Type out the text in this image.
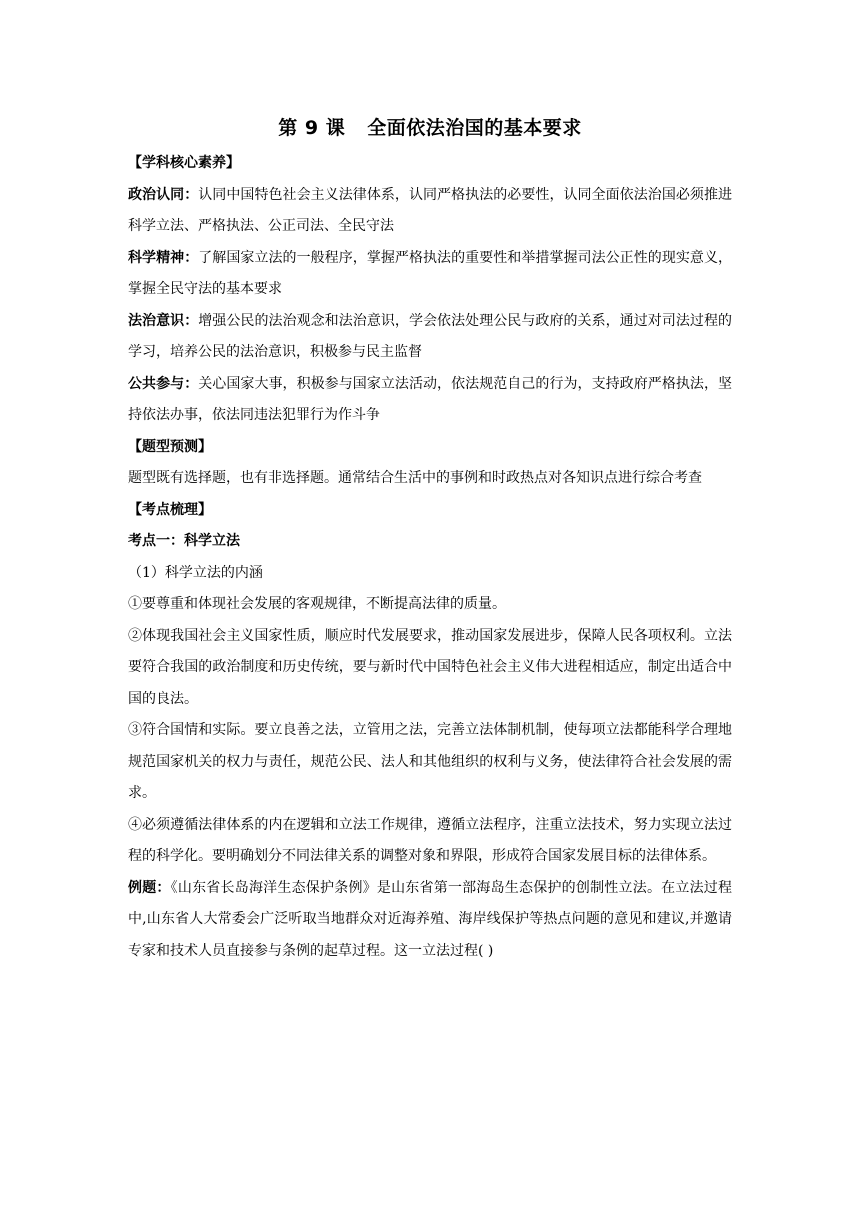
第 9 课 全面依法治国的基本要求

【学科核心素养】

政治认同：认同中国特色社会主义法律体系，认同严格执法的必要性，认同全面依法治国必须推进科学立法、严格执法、公正司法、全民守法

科学精神：了解国家立法的一般程序，掌握严格执法的重要性和举措掌握司法公正性的现实意义，掌握全民守法的基本要求

法治意识：增强公民的法治观念和法治意识，学会依法处理公民与政府的关系，通过对司法过程的学习，培养公民的法治意识，积极参与民主监督

公共参与：关心国家大事，积极参与国家立法活动，依法规范自己的行为，支持政府严格执法，坚持依法办事，依法同违法犯罪行为作斗争

【题型预测】

题型既有选择题，也有非选择题。通常结合生活中的事例和时政热点对各知识点进行综合考查

【考点梳理】

考点一：科学立法

（1）科学立法的内涵

①要尊重和体现社会发展的客观规律，不断提高法律的质量。

②体现我国社会主义国家性质，顺应时代发展要求，推动国家发展进步，保障人民各项权利。立法要符合我国的政治制度和历史传统，要与新时代中国特色社会主义伟大进程相适应，制定出适合中国的良法。

③符合国情和实际。要立良善之法，立管用之法，完善立法体制机制，使每项立法都能科学合理地规范国家机关的权力与责任，规范公民、法人和其他组织的权利与义务，使法律符合社会发展的需求。

④必须遵循法律体系的内在逻辑和立法工作规律，遵循立法程序，注重立法技术，努力实现立法过程的科学化。要明确划分不同法律关系的调整对象和界限，形成符合国家发展目标的法律体系。

例题：《山东省长岛海洋生态保护条例》是山东省第一部海岛生态保护的创制性立法。在立法过程中,山东省人大常委会广泛听取当地群众对近海养殖、海岸线保护等热点问题的意见和建议,并邀请专家和技术人员直接参与条例的起草过程。这一立法过程( )
